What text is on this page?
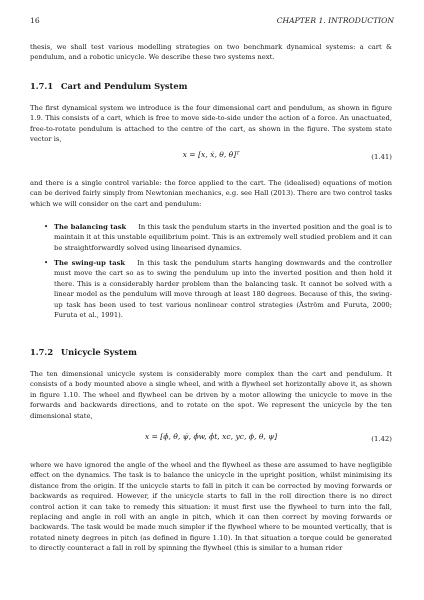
16	CHAPTER 1. INTRODUCTION
thesis, we shall test various modelling strategies on two benchmark dynamical systems: a cart & pendulum, and a robotic unicycle. We describe these two systems next.
1.7.1 Cart and Pendulum System
The first dynamical system we introduce is the four dimensional cart and pendulum, as shown in figure 1.9. This consists of a cart, which is free to move side-to-side under the action of a force. An unactuated, free-to-rotate pendulum is attached to the centre of the cart, as shown in the figure. The system state vector is,
x = [x, ẋ, θ, θ̇]ᵀ	(1.41)
and there is a single control variable: the force applied to the cart. The (idealised) equations of motion can be derived fairly simply from Newtonian mechanics, e.g. see Hall (2013). There are two control tasks which we will consider on the cart and pendulum:
• The balancing task In this task the pendulum starts in the inverted position and the goal is to maintain it at this unstable equilibrium point. This is an extremely well studied problem and it can be straightforwardly solved using linearised dynamics.
• The swing-up task In this task the pendulum starts hanging downwards and the controller must move the cart so as to swing the pendulum up into the inverted position and then hold it there. This is a considerably harder problem than the balancing task. It cannot be solved with a linear model as the pendulum will move through at least 180 degrees. Because of this, the swing-up task has been used to test various nonlinear control strategies (Åström and Furuta, 2000; Furuta et al., 1991).
1.7.2 Unicycle System
The ten dimensional unicycle system is considerably more complex than the cart and pendulum. It consists of a body mounted above a single wheel, and with a flywheel set horizontally above it, as shown in figure 1.10. The wheel and flywheel can be driven by a motor allowing the unicycle to move in the forwards and backwards directions, and to rotate on the spot. We represent the unicycle by the ten dimensional state,
x = [ϕ̇, θ̇, ψ̇, ϕ̇w, ϕ̇t, xc, yc, ϕ, θ, ψ]	(1.42)
where we have ignored the angle of the wheel and the flywheel as these are assumed to have negligible effect on the dynamics. The task is to balance the unicycle in the upright position, whilst minimising its distance from the origin. If the unicycle starts to fall in pitch it can be corrected by moving forwards or backwards as required. However, if the unicycle starts to fall in the roll direction there is no direct control action it can take to remedy this situation: it must first use the flywheel to turn into the fall, replacing and angle in roll with an angle in pitch, which it can then correct by moving forwards or backwards. The task would be made much simpler if the flywheel where to be mounted vertically, that is rotated ninety degrees in pitch (as defined in figure 1.10). In that situation a torque could be generated to directly counteract a fall in roll by spinning the flywheel (this is similar to a human rider
